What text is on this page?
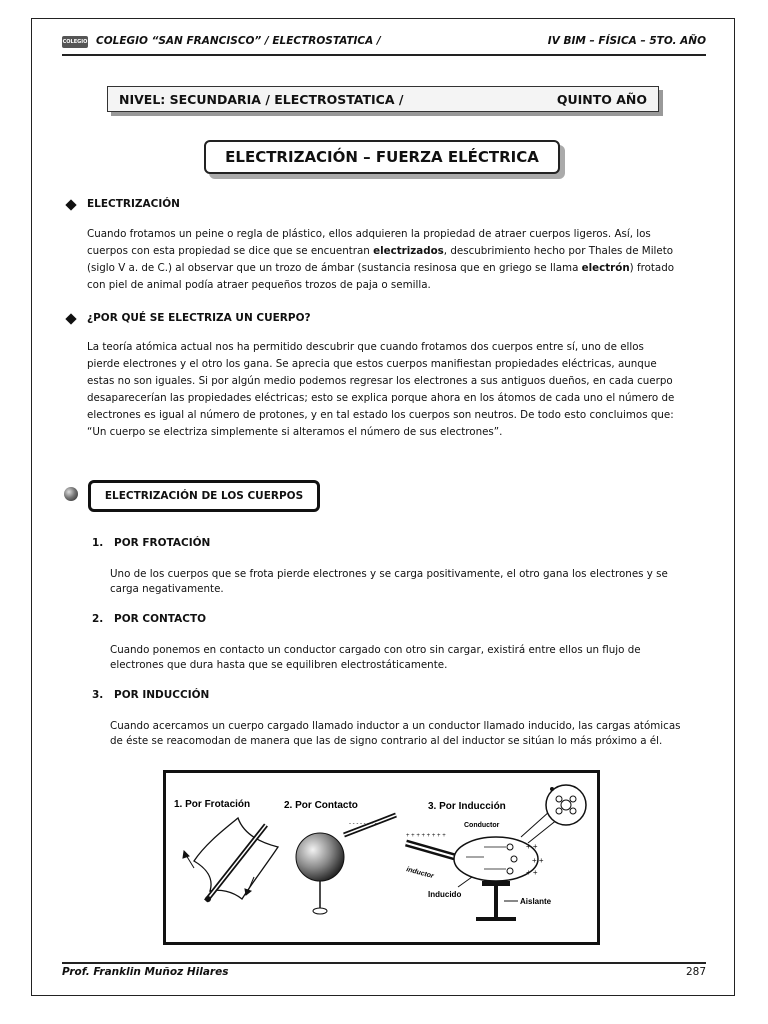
COLEGIO COLEGIO “SAN FRANCISCO” / ELECTROSTATICA /	IV BIM – FÍSICA – 5TO. AÑO
NIVEL: SECUNDARIA / ELECTROSTATICA /	QUINTO AÑO
ELECTRIZACIÓN – FUERZA ELÉCTRICA
ELECTRIZACIÓN
Cuando frotamos un peine o regla de plástico, ellos adquieren la propiedad de atraer cuerpos ligeros. Así, los
cuerpos con esta propiedad se dice que se encuentran electrizados, descubrimiento hecho por Thales de Mileto
(siglo V a. de C.) al observar que un trozo de ámbar (sustancia resinosa que en griego se llama electrón) frotado
con piel de animal podía atraer pequeños trozos de paja o semilla.
¿POR QUÉ SE ELECTRIZA UN CUERPO?
La teoría atómica actual nos ha permitido descubrir que cuando frotamos dos cuerpos entre sí, uno de ellos
pierde electrones y el otro los gana. Se aprecia que estos cuerpos manifiestan propiedades eléctricas, aunque
estas no son iguales. Si por algún medio podemos regresar los electrones a sus antiguos dueños, en cada cuerpo
desaparecerían las propiedades eléctricas; esto se explica porque ahora en los átomos de cada uno el número de
electrones es igual al número de protones, y en tal estado los cuerpos son neutros. De todo esto concluimos que:
“Un cuerpo se electriza simplemente si alteramos el número de sus electrones”.
ELECTRIZACIÓN DE LOS CUERPOS
1. POR FROTACIÓN
Uno de los cuerpos que se frota pierde electrones y se carga positivamente, el otro gana los electrones y se
carga negativamente.
2. POR CONTACTO
Cuando ponemos en contacto un conductor cargado con otro sin cargar, existirá entre ellos un flujo de
electrones que dura hasta que se equilibren electrostáticamente.
3. POR INDUCCIÓN
Cuando acercamos un cuerpo cargado llamado inductor a un conductor llamado inducido, las cargas atómicas
de éste se reacomodan de manera que las de signo contrario al del inductor se sitúan lo más próximo a él.
1. Por Frotación	2. Por Contacto	3. Por Inducción
- - - - - - - - -
+ + + + + + + +
inductor
+ +
+ +
+ +
Conductor
Inducido
Aislante
Prof. Franklin Muñoz Hilares	287
